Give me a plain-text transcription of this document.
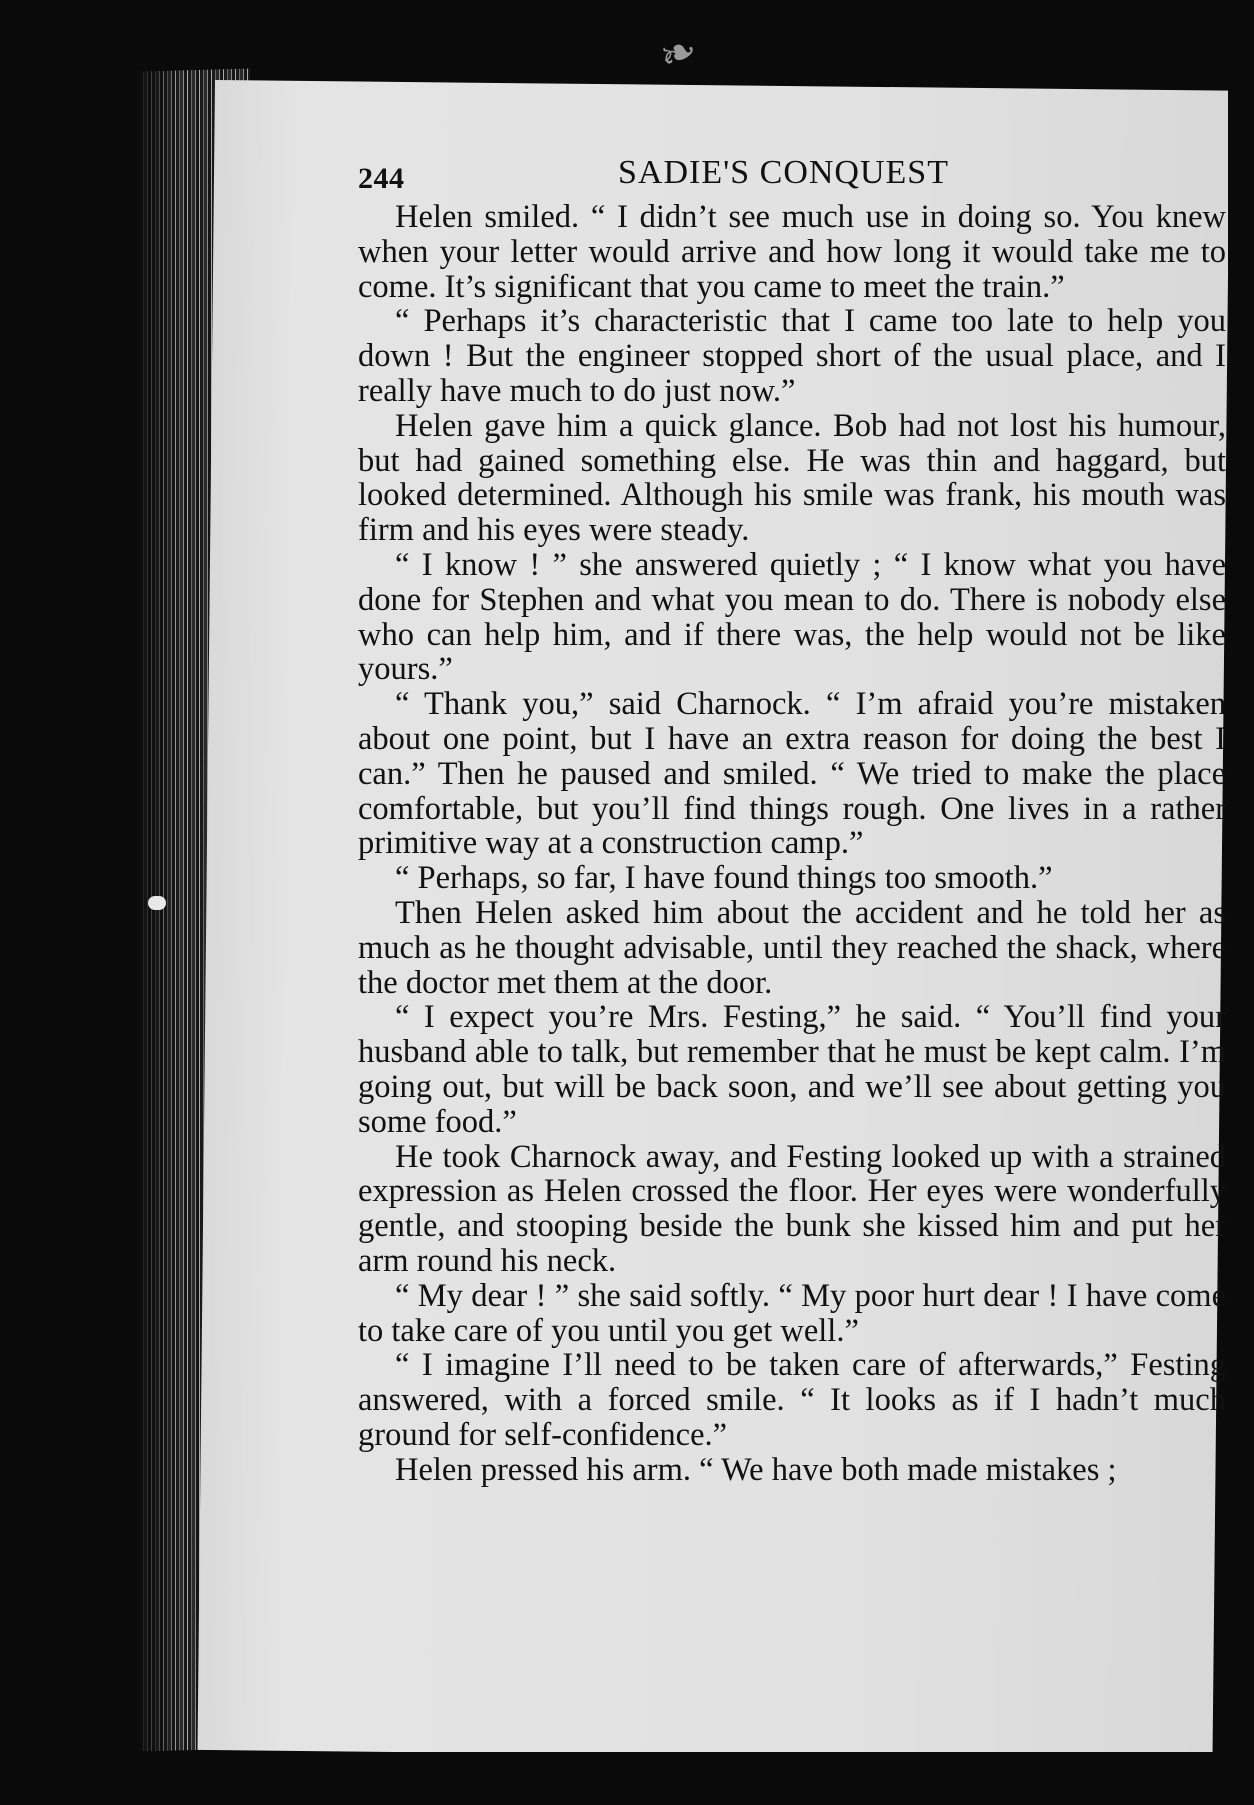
❧
244	SADIE'S CONQUEST

Helen smiled. “ I didn’t see much use in doing so. You knew when your letter would arrive and how long it would take me to come. It’s significant that you came to meet the train.”

“ Perhaps it’s characteristic that I came too late to help you down ! But the engineer stopped short of the usual place, and I really have much to do just now.”

Helen gave him a quick glance. Bob had not lost his humour, but had gained something else. He was thin and haggard, but looked determined. Although his smile was frank, his mouth was firm and his eyes were steady.

“ I know ! ” she answered quietly ; “ I know what you have done for Stephen and what you mean to do. There is nobody else who can help him, and if there was, the help would not be like yours.”

“ Thank you,” said Charnock. “ I’m afraid you’re mistaken about one point, but I have an extra reason for doing the best I can.” Then he paused and smiled. “ We tried to make the place comfortable, but you’ll find things rough. One lives in a rather primitive way at a construction camp.”

“ Perhaps, so far, I have found things too smooth.”

Then Helen asked him about the accident and he told her as much as he thought advisable, until they reached the shack, where the doctor met them at the door.

“ I expect you’re Mrs. Festing,” he said. “ You’ll find your husband able to talk, but remember that he must be kept calm. I’m going out, but will be back soon, and we’ll see about getting you some food.”

He took Charnock away, and Festing looked up with a strained expression as Helen crossed the floor. Her eyes were wonderfully gentle, and stooping beside the bunk she kissed him and put her arm round his neck.

“ My dear ! ” she said softly. “ My poor hurt dear ! I have come to take care of you until you get well.”

“ I imagine I’ll need to be taken care of afterwards,” Festing answered, with a forced smile. “ It looks as if I hadn’t much ground for self-confidence.”

Helen pressed his arm. “ We have both made mistakes ;
